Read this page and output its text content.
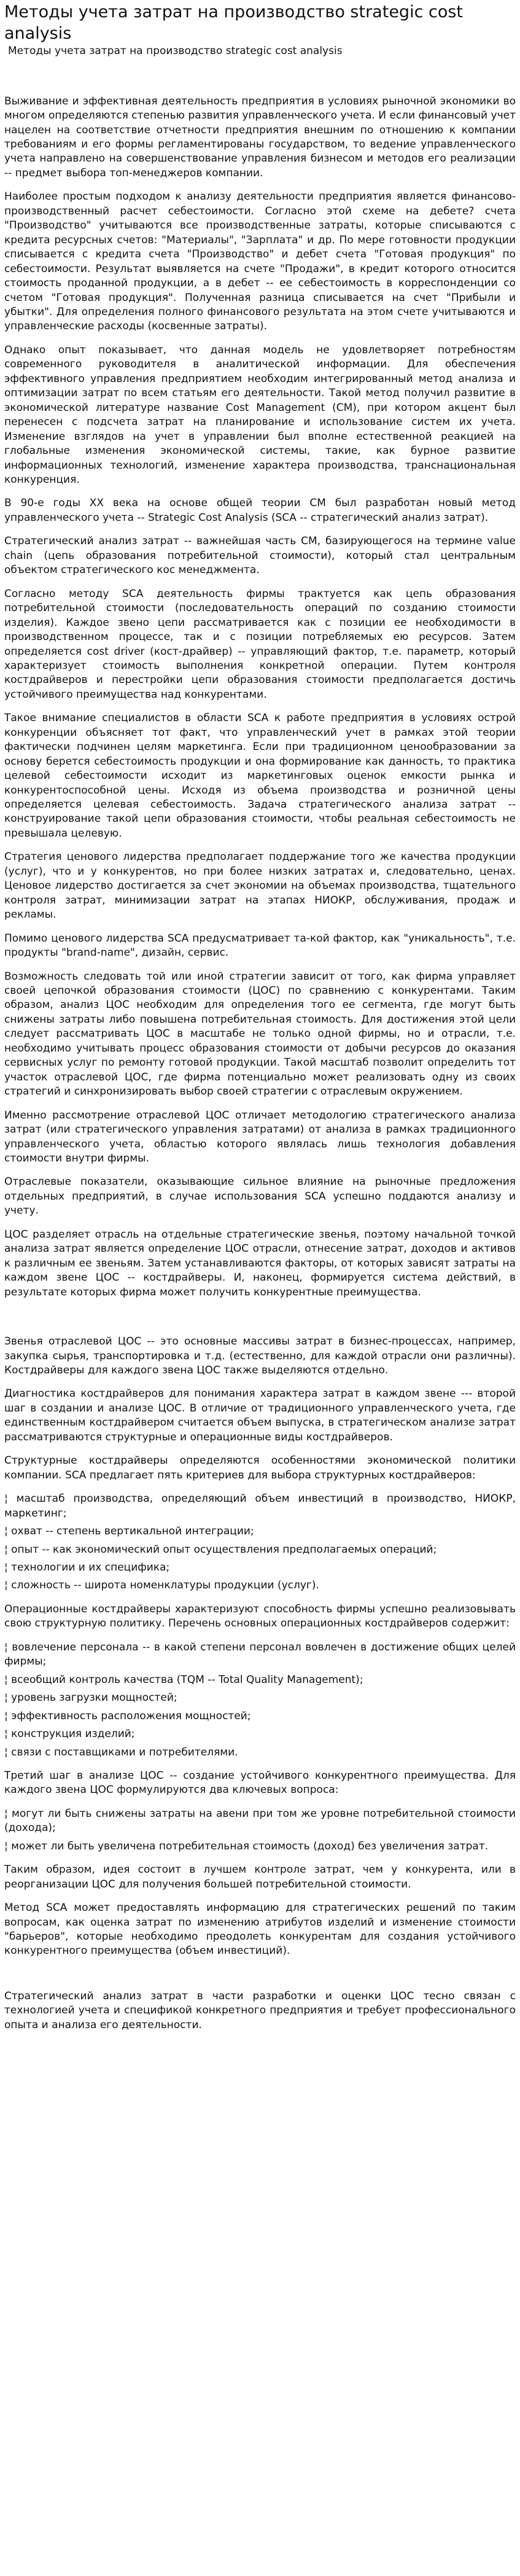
Методы учета затрат на производство strategic cost analysis
Методы учета затрат на производство strategic cost analysis

Выживание и эффективная деятельность предприятия в условиях рыночной экономики во многом определяются степенью развития управленческого учета. И если финансовый учет нацелен на соответствие отчетности предприятия внешним по отношению к компании требованиям и его формы регламентированы государством, то ведение управленческого учета направлено на совершенствование управления бизнесом и методов его реализации -- предмет выбора топ-менеджеров компании.

Наиболее простым подходом к анализу деятельности предприятия является финансово-производственный расчет себестоимости. Согласно этой схеме на дебете? счета "Производство" учитываются все производственные затраты, которые списываются с кредита ресурсных счетов: "Материалы", "Зарплата" и др. По мере готовности продукции списывается с кредита счета "Производство" и дебет счета "Готовая продукция" по себестоимости. Результат выявляется на счете "Продажи", в кредит которого относится стоимость проданной продукции, а в дебет -- ее себестоимость в корреспонденции со счетом "Готовая продукция". Полученная разница списывается на счет "Прибыли и убытки". Для определения полного финансового результата на этом счете учитываются и управленческие расходы (косвенные затраты).

Однако опыт показывает, что данная модель не удовлетворяет потребностям современного руководителя в аналитической информации. Для обеспечения эффективного управления предприятием необходим интегрированный метод анализа и оптимизации затрат по всем статьям его деятельности. Такой метод получил развитие в экономической литературе название Cost Management (CM), при котором акцент был перенесен с подсчета затрат на планирование и использование систем их учета. Изменение взглядов на учет в управлении был вполне естественной реакцией на глобальные изменения экономической системы, такие, как бурное развитие информационных технологий, изменение характера производства, транснациональная конкуренция.

В 90-е годы XX века на основе общей теории CM был разработан новый метод управленческого учета -- Strategic Cost Analysis (SCA -- стратегический анализ затрат).

Стратегический анализ затрат -- важнейшая часть CM, базирующегося на термине value chain (цепь образования потребительной стоимости), который стал центральным объектом стратегического кос менеджмента.

Согласно методу SCA деятельность фирмы трактуется как цепь образования потребительной стоимости (последовательность операций по созданию стоимости изделия). Каждое звено цепи рассматривается как с позиции ее необходимости в производственном процессе, так и с позиции потребляемых ею ресурсов. Затем определяется cost driver (кост-драйвер) -- управляющий фактор, т.е. параметр, который характеризует стоимость выполнения конкретной операции. Путем контроля костдрайверов и перестройки цепи образования стоимости предполагается достичь устойчивого преимущества над конкурентами.

Такое внимание специалистов в области SCA к работе предприятия в условиях острой конкуренции объясняет тот факт, что управленческий учет в рамках этой теории фактически подчинен целям маркетинга. Если при традиционном ценообразовании за основу берется себестоимость продукции и она формирование как данность, то практика целевой себестоимости исходит из маркетинговых оценок емкости рынка и конкурентоспособной цены. Исходя из объема производства и розничной цены определяется целевая себестоимость. Задача стратегического анализа затрат -- конструирование такой цепи образования стоимости, чтобы реальная себестоимость не превышала целевую.

Стратегия ценового лидерства предполагает поддержание того же качества продукции (услуг), что и у конкурентов, но при более низких затратах и, следовательно, ценах. Ценовое лидерство достигается за счет экономии на объемах производства, тщательного контроля затрат, минимизации затрат на этапах НИОКР, обслуживания, продаж и рекламы.

Помимо ценового лидерства SCA предусматривает та-кой фактор, как "уникальность", т.е. продукты "brand-name", дизайн, сервис.

Возможность следовать той или иной стратегии зависит от того, как фирма управляет своей цепочкой образования стоимости (ЦОС) по сравнению с конкурентами. Таким образом, анализ ЦОС необходим для определения того ее сегмента, где могут быть снижены затраты либо повышена потребительная стоимость. Для достижения этой цели следует рассматривать ЦОС в масштабе не только одной фирмы, но и отрасли, т.е. необходимо учитывать процесс образования стоимости от добычи ресурсов до оказания сервисных услуг по ремонту готовой продукции. Такой масштаб позволит определить тот участок отраслевой ЦОС, где фирма потенциально может реализовать одну из своих стратегий и синхронизировать выбор своей стратегии с отраслевым окружением.

Именно рассмотрение отраслевой ЦОС отличает методологию стратегического анализа затрат (или стратегического управления затратами) от анализа в рамках традиционного управленческого учета, областью которого являлась лишь технология добавления стоимости внутри фирмы.

Отраслевые показатели, оказывающие сильное влияние на рыночные предложения отдельных предприятий, в случае использования SCA успешно поддаются анализу и учету.

ЦОС разделяет отрасль на отдельные стратегические звенья, поэтому начальной точкой анализа затрат является определение ЦОС отрасли, отнесение затрат, доходов и активов к различным ее звеньям. Затем устанавливаются факторы, от которых зависят затраты на каждом звене ЦОС -- костдрайверы. И, наконец, формируется система действий, в результате которых фирма может получить конкурентные преимущества.

Звенья отраслевой ЦОС -- это основные массивы затрат в бизнес-процессах, например, закупка сырья, транспортировка и т.д. (естественно, для каждой отрасли они различны). Костдрайверы для каждого звена ЦОС также выделяются отдельно.

Диагностика костдрайверов для понимания характера затрат в каждом звене --- второй шаг в создании и анализе ЦОС. В отличие от традиционного управленческого учета, где единственным костдрайвером считается объем выпуска, в стратегическом анализе затрат рассматриваются структурные и операционные виды костдрайверов.

Структурные костдрайверы определяются особенностями экономической политики компании. SCA предлагает пять критериев для выбора структурных костдрайверов:

¦ масштаб производства, определяющий объем инвестиций в производство, НИОКР, маркетинг;

¦ охват -- степень вертикальной интеграции;

¦ опыт -- как экономический опыт осуществления предполагаемых операций;

¦ технологии и их специфика;

¦ сложность -- широта номенклатуры продукции (услуг).

Операционные костдрайверы характеризуют способность фирмы успешно реализовывать свою структурную политику. Перечень основных операционных костдрайверов содержит:

¦ вовлечение персонала -- в какой степени персонал вовлечен в достижение общих целей фирмы;

¦ всеобщий контроль качества (TQM -- Total Quality Management);

¦ уровень загрузки мощностей;

¦ эффективность расположения мощностей;

¦ конструкция изделий;

¦ связи с поставщиками и потребителями.

Третий шаг в анализе ЦОС -- создание устойчивого конкурентного преимущества. Для каждого звена ЦОС формулируются два ключевых вопроса:

¦ могут ли быть снижены затраты на авени при том же уровне потребительной стоимости (дохода);

¦ может ли быть увеличена потребительная стоимость (доход) без увеличения затрат.

Таким образом, идея состоит в лучшем контроле затрат, чем у конкурента, или в реорганизации ЦОС для получения большей потребительной стоимости.

Метод SCA может предоставлять информацию для стратегических решений по таким вопросам, как оценка затрат по изменению атрибутов изделий и изменение стоимости "барьеров", которые необходимо преодолеть конкурентам для создания устойчивого конкурентного преимущества (объем инвестиций).

Стратегический анализ затрат в части разработки и оценки ЦОС тесно связан с технологией учета и спецификой конкретного предприятия и требует профессионального опыта и анализа его деятельности.
